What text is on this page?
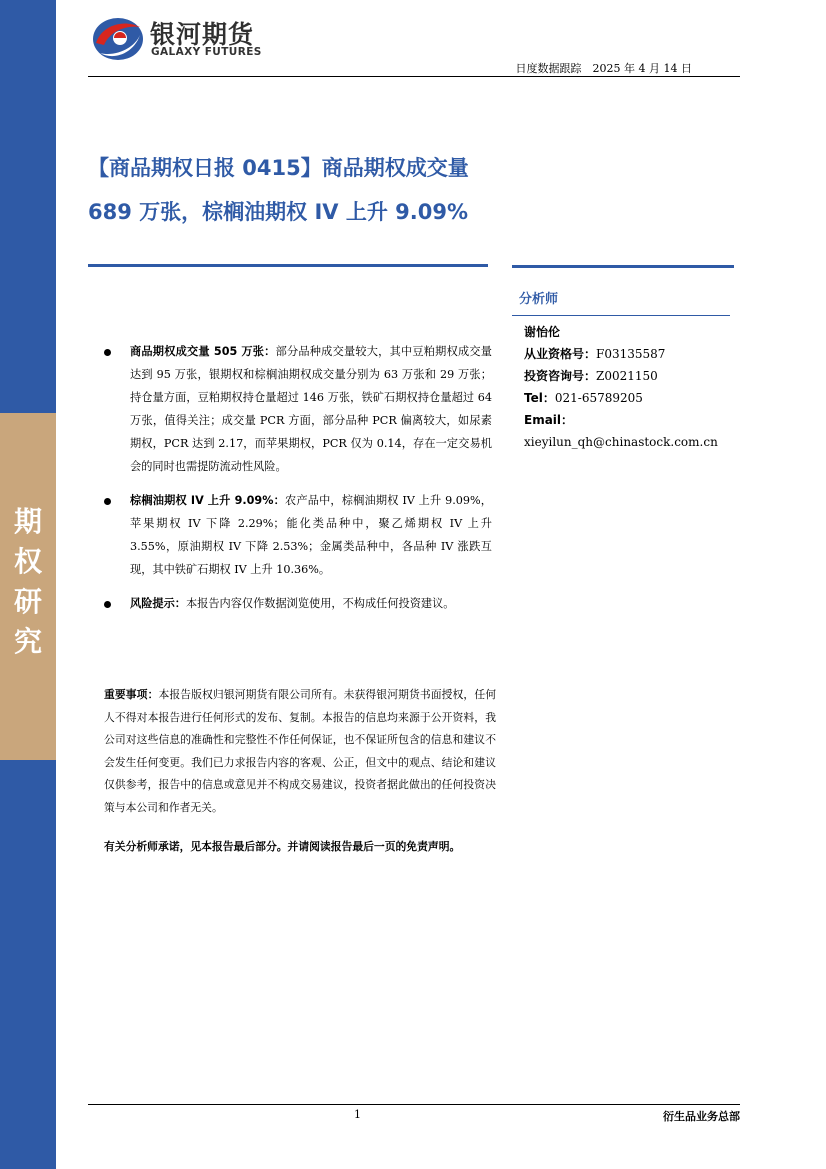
期
权
研
究
银河期货
GALAXY FUTURES
日度数据跟踪　2025 年 4 月 14 日
【商品期权日报 0415】商品期权成交量 689 万张，棕榈油期权 IV 上升 9.09%
分析师
谢怡伦
从业资格号：F03135587
投资咨询号：Z0021150
Tel：021-65789205
Email：
xieyilun_qh@chinastock.com.cn
商品期权成交量 505 万张：部分品种成交量较大，其中豆粕期权成交量达到 95 万张，银期权和棕榈油期权成交量分别为 63 万张和 29 万张；持仓量方面，豆粕期权持仓量超过 146 万张，铁矿石期权持仓量超过 64 万张，值得关注；成交量 PCR 方面，部分品种 PCR 偏离较大，如尿素期权，PCR 达到 2.17，而苹果期权，PCR 仅为 0.14，存在一定交易机会的同时也需提防流动性风险。
棕榈油期权 IV 上升 9.09%：农产品中，棕榈油期权 IV 上升 9.09%，苹果期权 IV 下降 2.29%；能化类品种中，聚乙烯期权 IV 上升 3.55%，原油期权 IV 下降 2.53%；金属类品种中，各品种 IV 涨跌互现，其中铁矿石期权 IV 上升 10.36%。
风险提示：本报告内容仅作数据浏览使用，不构成任何投资建议。
重要事项：本报告版权归银河期货有限公司所有。未获得银河期货书面授权，任何人不得对本报告进行任何形式的发布、复制。本报告的信息均来源于公开资料，我公司对这些信息的准确性和完整性不作任何保证，也不保证所包含的信息和建议不会发生任何变更。我们已力求报告内容的客观、公正，但文中的观点、结论和建议仅供参考，报告中的信息或意见并不构成交易建议，投资者据此做出的任何投资决策与本公司和作者无关。
有关分析师承诺，见本报告最后部分。并请阅读报告最后一页的免责声明。
1	衍生品业务总部
